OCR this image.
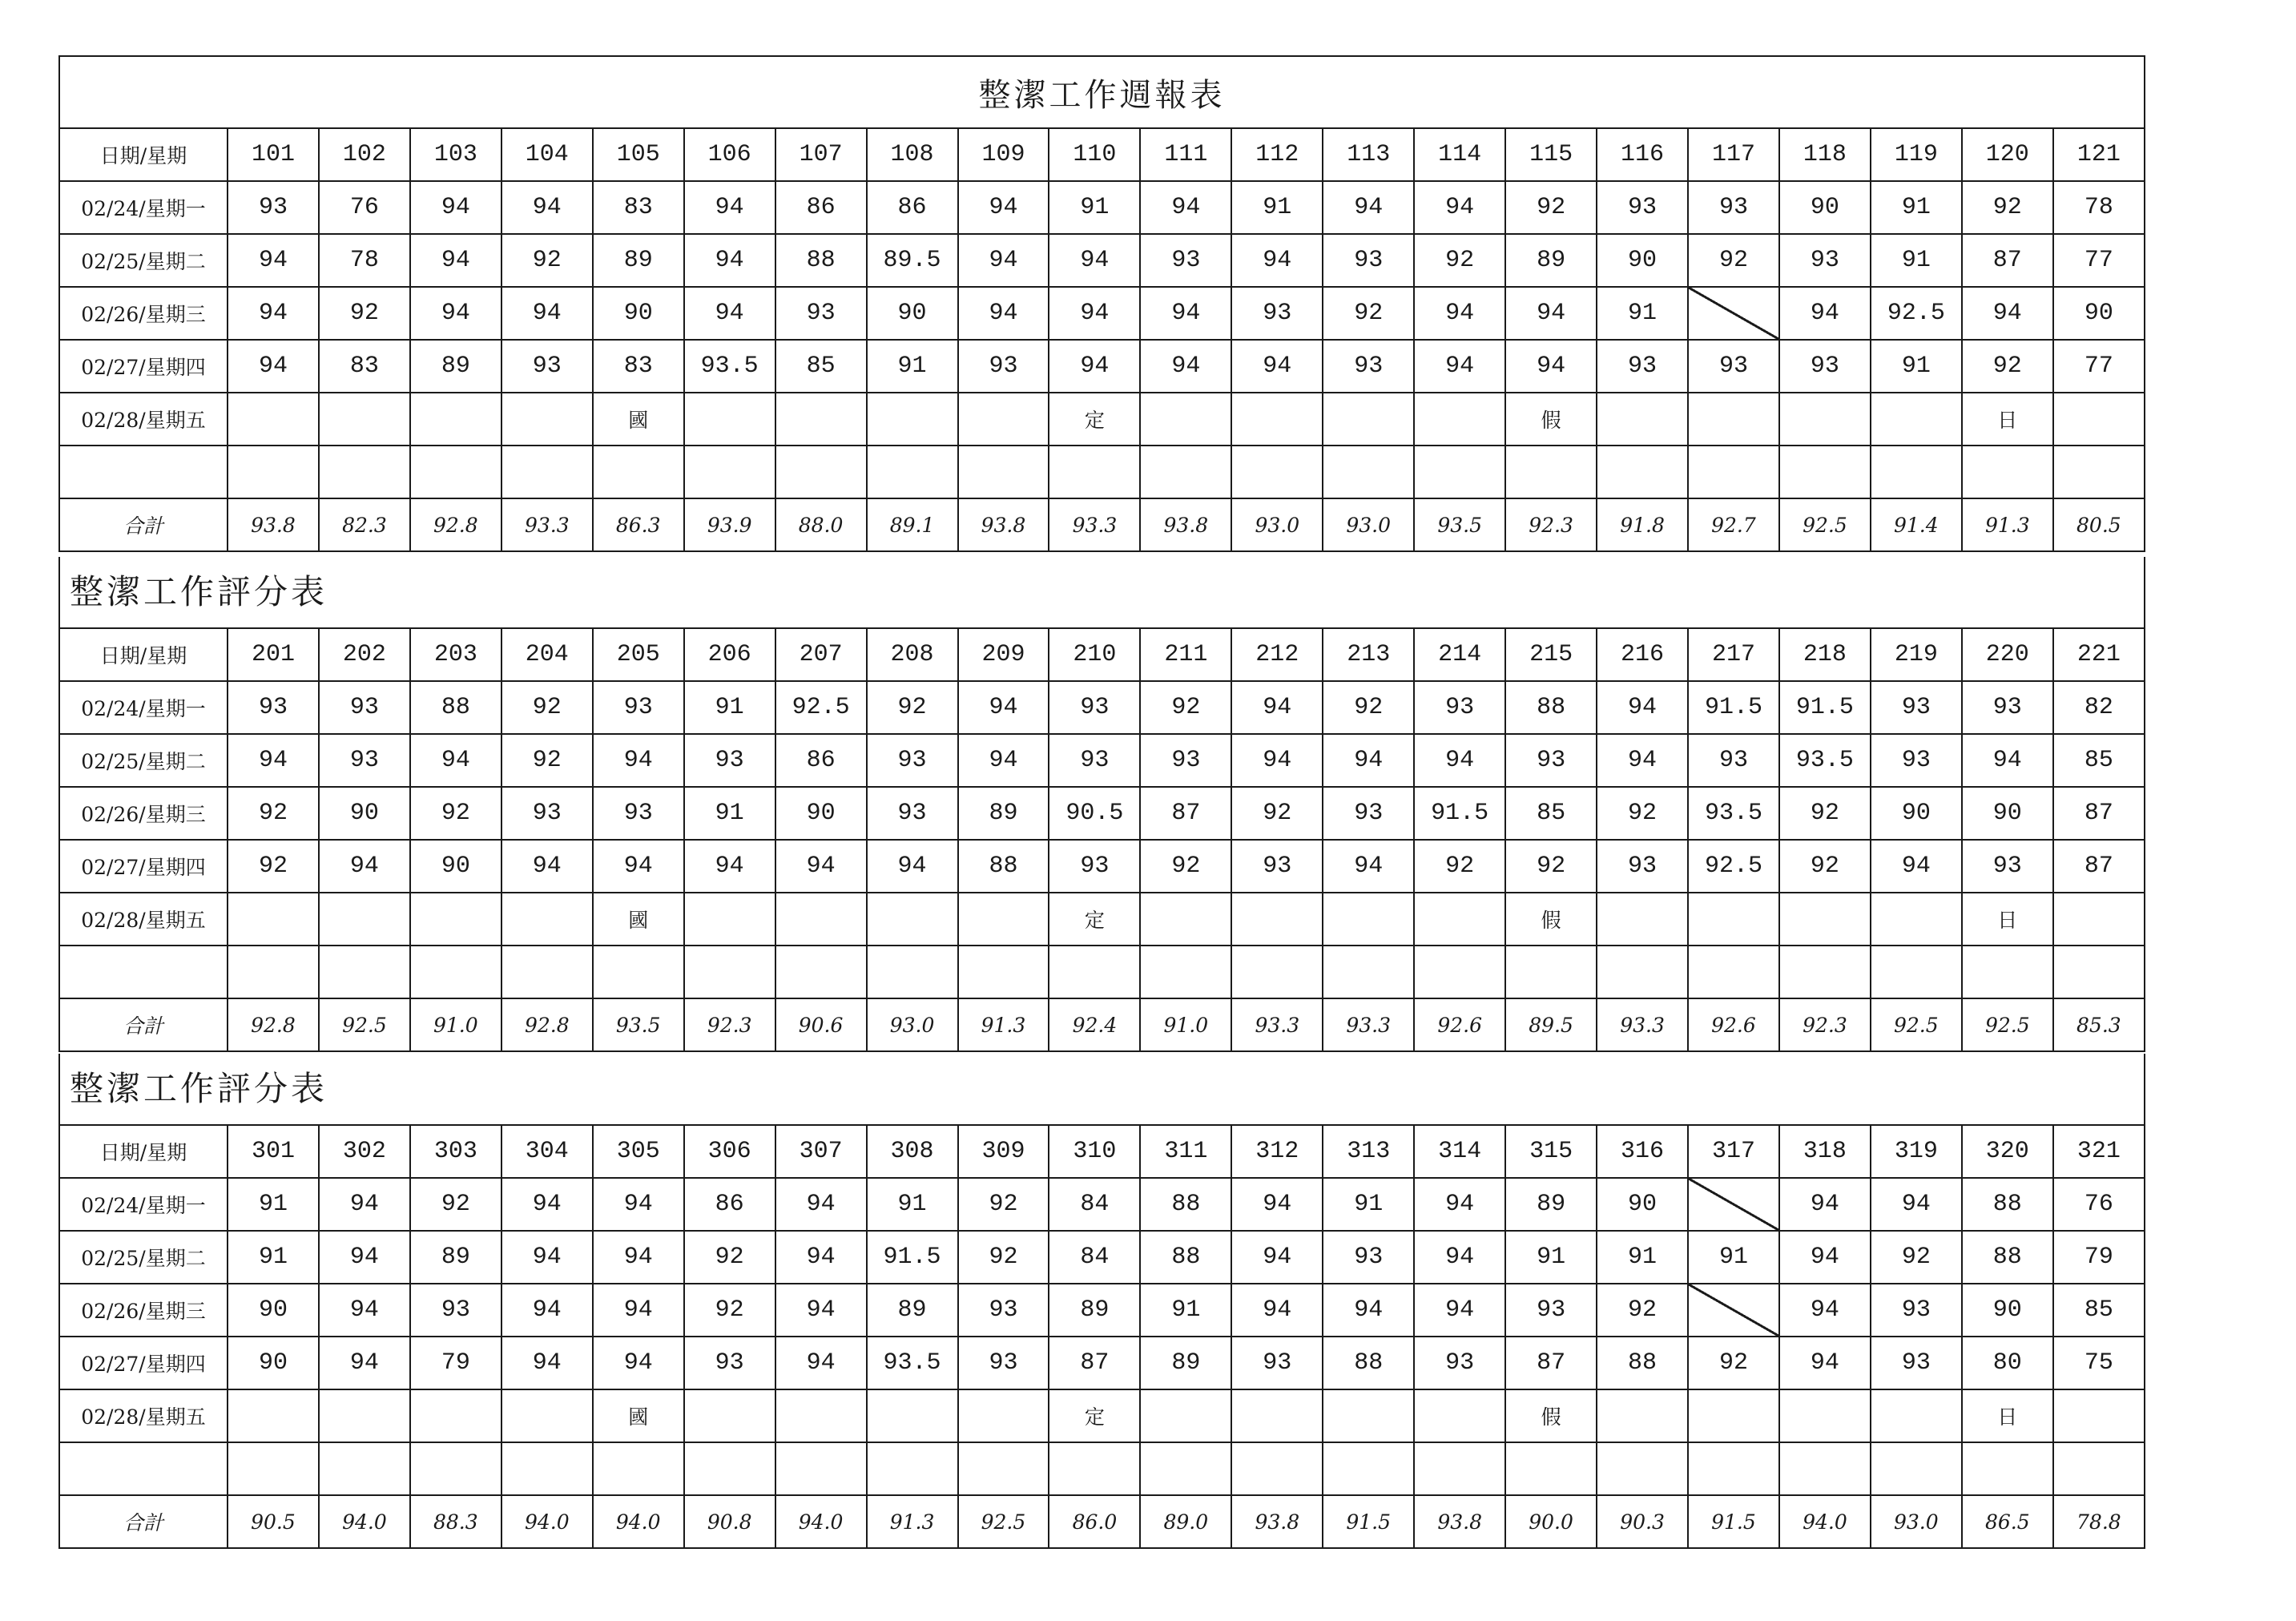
整潔工作週報表																					
日期/星期	101	102	103	104	105	106	107	108	109	110	111	112	113	114	115	116	117	118	119	120	121
02/24/星期一	93	76	94	94	83	94	86	86	94	91	94	91	94	94	92	93	93	90	91	92	78
02/25/星期二	94	78	94	92	89	94	88	89.5	94	94	93	94	93	92	89	90	92	93	91	87	77
02/26/星期三	94	92	94	94	90	94	93	90	94	94	94	93	92	94	94	91		94	92.5	94	90
02/27/星期四	94	83	89	93	83	93.5	85	91	93	94	94	94	93	94	94	93	93	93	91	92	77
02/28/星期五					國					定					假					日	

合計	93.8	82.3	92.8	93.3	86.3	93.9	88.0	89.1	93.8	93.3	93.8	93.0	93.0	93.5	92.3	91.8	92.7	92.5	91.4	91.3	80.5
整潔工作評分表
日期/星期	201	202	203	204	205	206	207	208	209	210	211	212	213	214	215	216	217	218	219	220	221
02/24/星期一	93	93	88	92	93	91	92.5	92	94	93	92	94	92	93	88	94	91.5	91.5	93	93	82
02/25/星期二	94	93	94	92	94	93	86	93	94	93	93	94	94	94	93	94	93	93.5	93	94	85
02/26/星期三	92	90	92	93	93	91	90	93	89	90.5	87	92	93	91.5	85	92	93.5	92	90	90	87
02/27/星期四	92	94	90	94	94	94	94	94	88	93	92	93	94	92	92	93	92.5	92	94	93	87
02/28/星期五					國					定					假					日	

合計	92.8	92.5	91.0	92.8	93.5	92.3	90.6	93.0	91.3	92.4	91.0	93.3	93.3	92.6	89.5	93.3	92.6	92.3	92.5	92.5	85.3
整潔工作評分表
日期/星期	301	302	303	304	305	306	307	308	309	310	311	312	313	314	315	316	317	318	319	320	321
02/24/星期一	91	94	92	94	94	86	94	91	92	84	88	94	91	94	89	90		94	94	88	76
02/25/星期二	91	94	89	94	94	92	94	91.5	92	84	88	94	93	94	91	91	91	94	92	88	79
02/26/星期三	90	94	93	94	94	92	94	89	93	89	91	94	94	94	93	92		94	93	90	85
02/27/星期四	90	94	79	94	94	93	94	93.5	93	87	89	93	88	93	87	88	92	94	93	80	75
02/28/星期五					國					定					假					日	

合計	90.5	94.0	88.3	94.0	94.0	90.8	94.0	91.3	92.5	86.0	89.0	93.8	91.5	93.8	90.0	90.3	91.5	94.0	93.0	86.5	78.8
